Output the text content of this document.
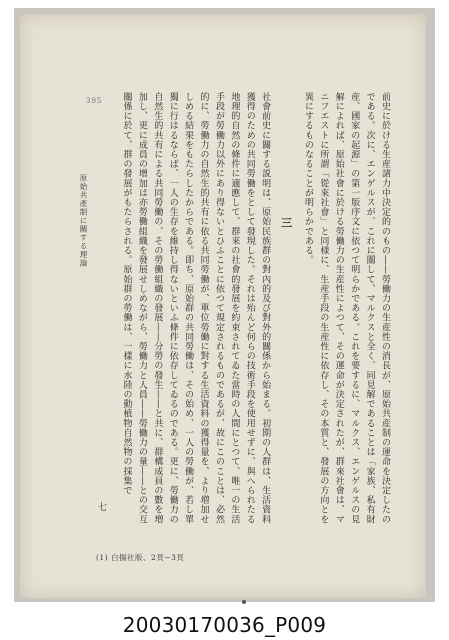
395
原始共產制に關する理論	前史に於ける生産諸力中決定的のもの――勞働力の生産性の消長が、原始共産制の運命を決定したのである。次に、エンゲルスが、これに關して、マルクスと全く、同見解であることは「家族、私有財産、國家の起源」の第一版序文に依つて明らかである。これを要するに、マルクス、エンゲルスの見解によれば、原始社會に於ける勞働力の生産性によつて、その運命が決定されたが、群來社會は、マニフエストに所謂「從來社會」と同様に、生産手段の生産性に依存し、その本質と、發展の方向とを異にするものなることが明らかである。

三

社會前史に關する説明は、原始民族群の對內的及び對外的關係から始まる。初期の人群は、生活資料獲得のための共同勞働をとして發現した。それは殆んど何らの技術手段を使用せずに、與へられたる地理的自然の條件に適應して、群來の社會的發展を約束されてゐた當時の人間にとつて、唯一の生活手段が勞働力以外にあり得ないとひふことに依つて規定されるものであるが、故にこのことは、必然的に、勞働力の自然生的共有に依る共同勞働が、單位勞働に對する生活資料の獲得量を、より増加せしめる結果をもたらしたからである。即ち、原始群の共同勞働は、その始め、一人の勞働が、若し單獨に行はるならば、一人の生存を維持し得ないといふ條件に依存してゐるのである。更に、勞働力の自然生的共有による共同勞働の、その勞働組織の發展――分勞の發生――と共に、群構成員の數を増加し、更に成員の增加は亦勞働組織を發展せしめながら、勞働力と人員――勞働力の量――との交互關係に於て、群の發展がもたらされる。原始群の勞働は、一樣に水陸の動植物自然物の採集で

七
(1) 白揚社版、2頁−3頁
20030170036_P009
